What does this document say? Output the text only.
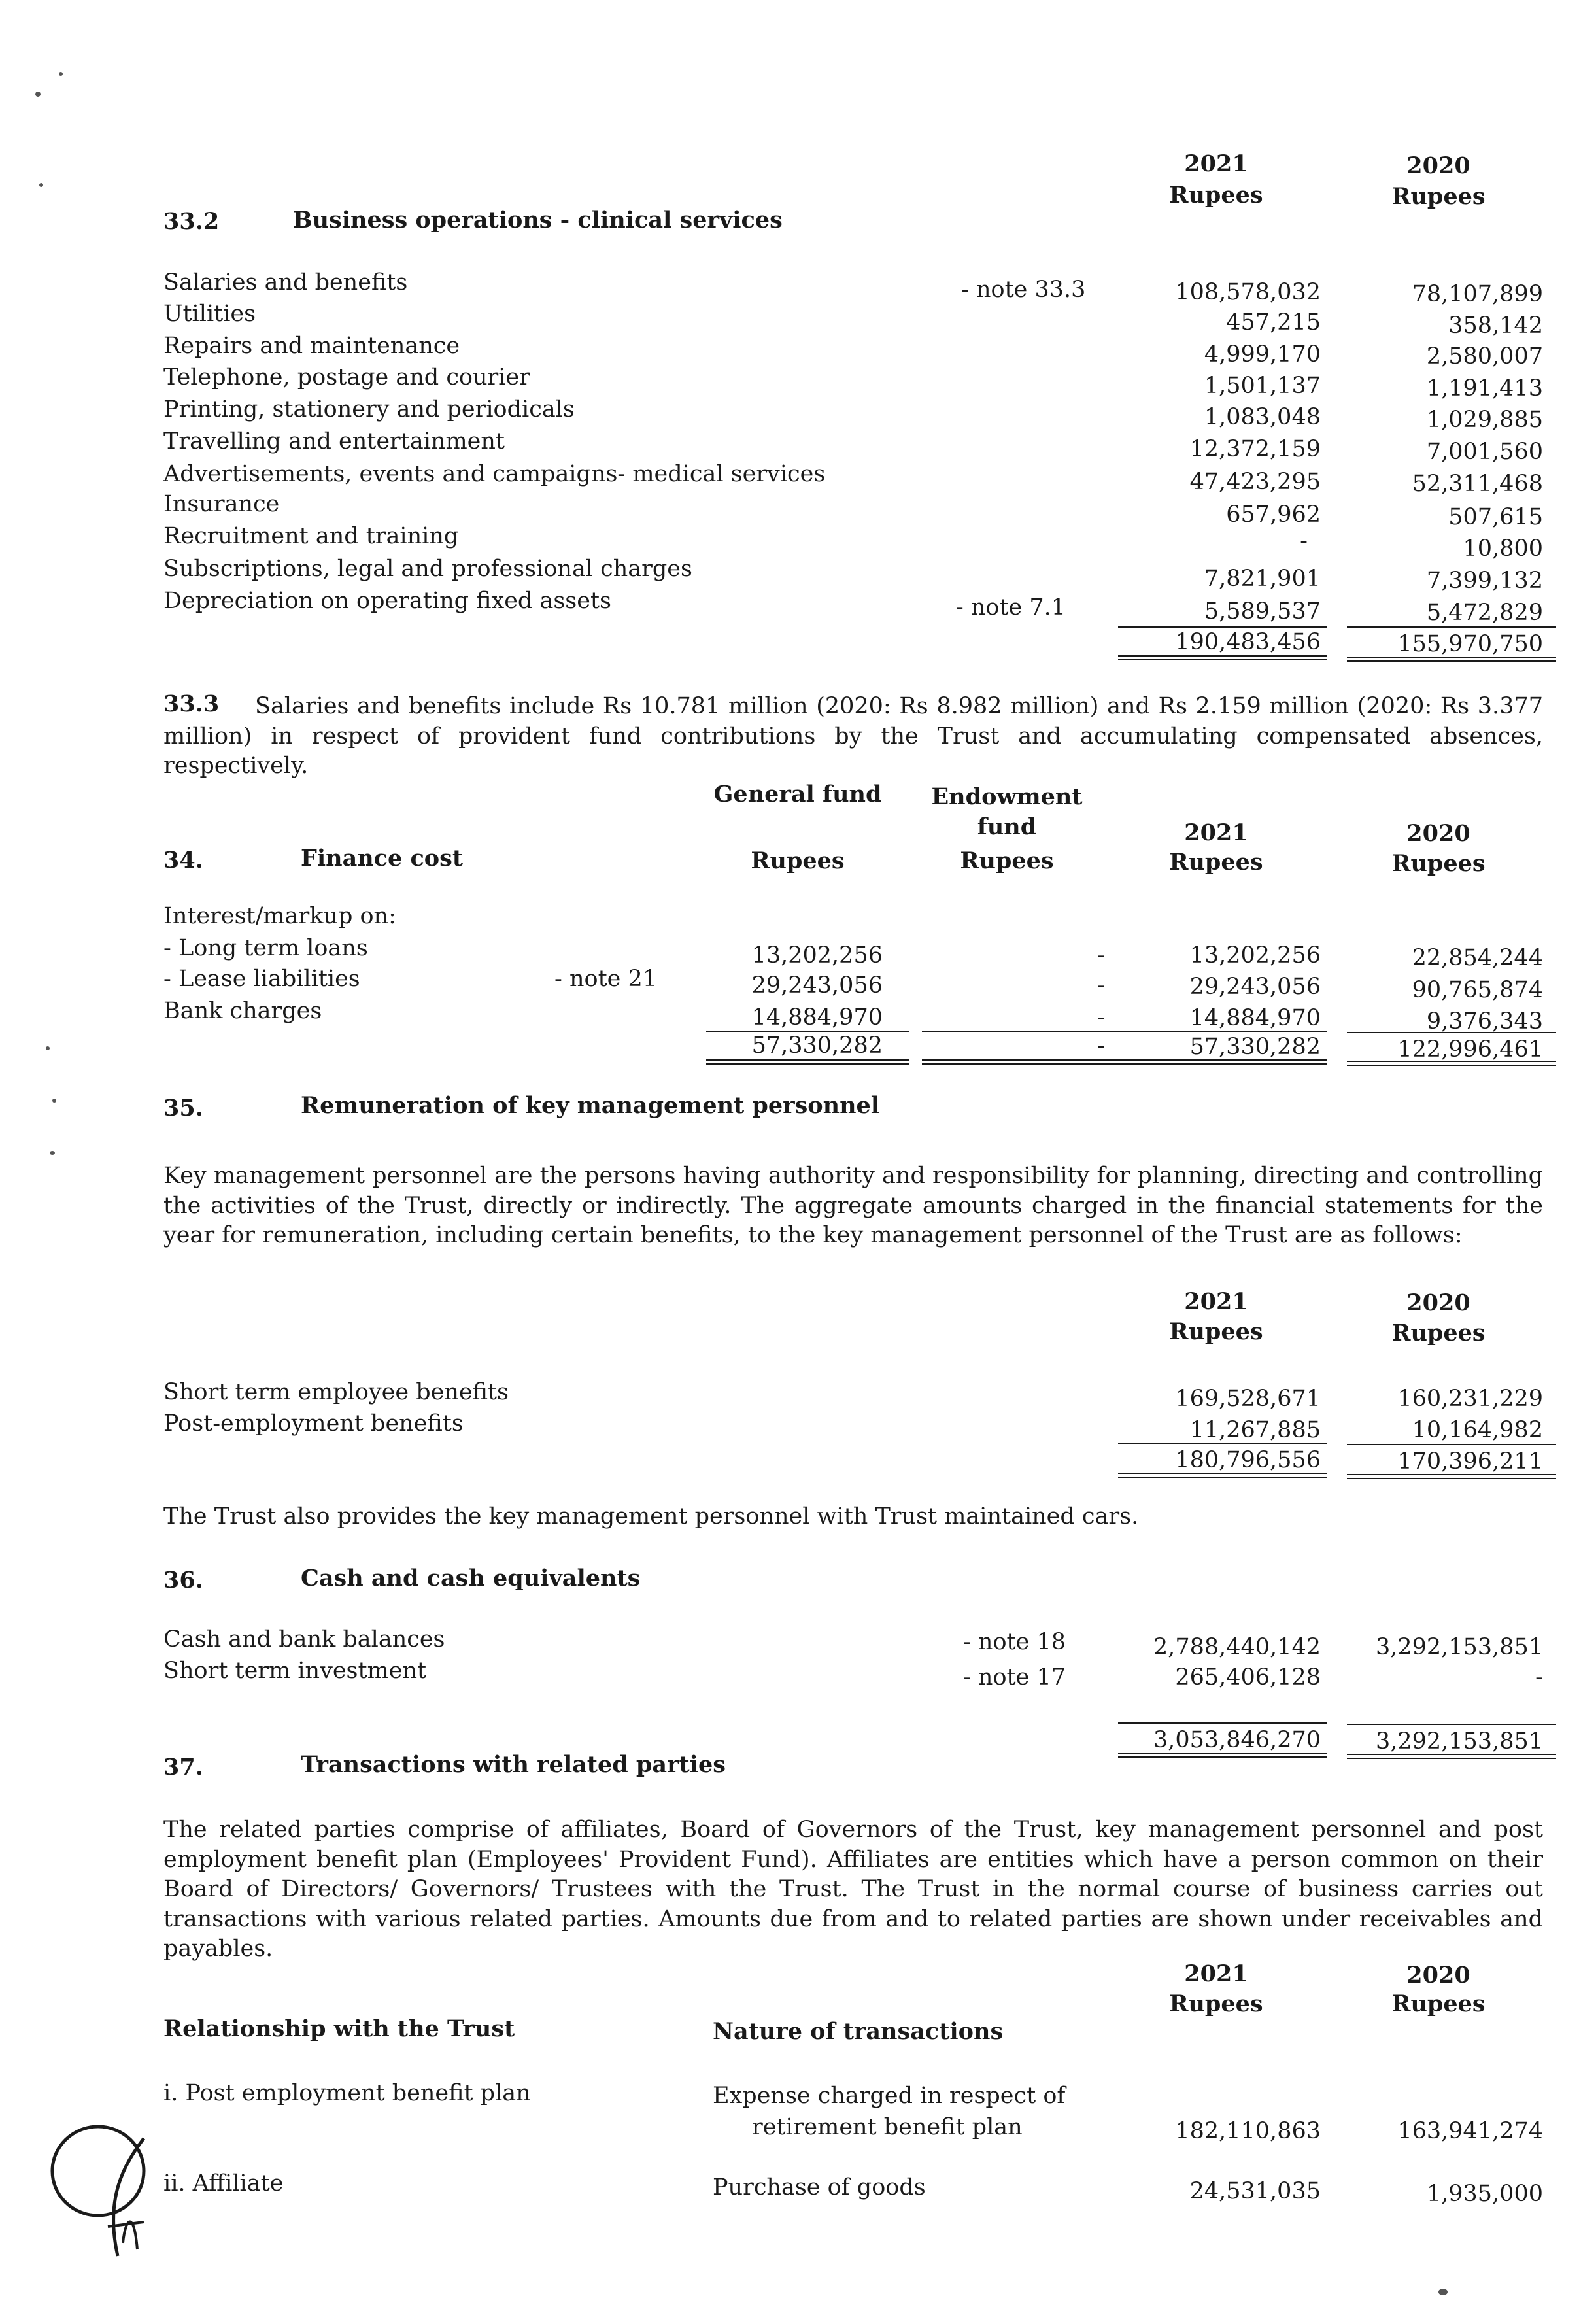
2021	2020
Rupees	Rupees
33.2	Business operations - clinical services
Salaries and benefits	- note 33.3	108,578,032	78,107,899
Utilities	457,215	358,142
Repairs and maintenance	4,999,170	2,580,007
Telephone, postage and courier	1,501,137	1,191,413
Printing, stationery and periodicals	1,083,048	1,029,885
Travelling and entertainment	12,372,159	7,001,560
Advertisements, events and campaigns- medical services	47,423,295	52,311,468
Insurance	657,962	507,615
Recruitment and training	-	10,800
Subscriptions, legal and professional charges	7,821,901	7,399,132
Depreciation on operating fixed assets	- note 7.1	5,589,537	5,472,829
190,483,456	155,970,750
33.3	Salaries and benefits include Rs 10.781 million (2020: Rs 8.982 million) and Rs 2.159 million (2020: Rs 3.377 million) in respect of provident fund contributions by the Trust and accumulating compensated absences, respectively.
General fund	Endowment fund	2021	2020
Rupees	Rupees	Rupees	Rupees
34.	Finance cost
Interest/markup on:
- Long term loans	13,202,256	-	13,202,256	22,854,244
- Lease liabilities	- note 21	29,243,056	-	29,243,056	90,765,874
Bank charges	14,884,970	-	14,884,970	9,376,343
57,330,282	-	57,330,282	122,996,461
35.	Remuneration of key management personnel
Key management personnel are the persons having authority and responsibility for planning, directing and controlling the activities of the Trust, directly or indirectly. The aggregate amounts charged in the financial statements for the year for remuneration, including certain benefits, to the key management personnel of the Trust are as follows:
2021	2020
Rupees	Rupees
Short term employee benefits	169,528,671	160,231,229
Post-employment benefits	11,267,885	10,164,982
180,796,556	170,396,211
The Trust also provides the key management personnel with Trust maintained cars.
36.	Cash and cash equivalents
Cash and bank balances	- note 18	2,788,440,142	3,292,153,851
Short term investment	- note 17	265,406,128	-
3,053,846,270	3,292,153,851
37.	Transactions with related parties
The related parties comprise of affiliates, Board of Governors of the Trust, key management personnel and post employment benefit plan (Employees' Provident Fund). Affiliates are entities which have a person common on their Board of Directors/ Governors/ Trustees with the Trust. The Trust in the normal course of business carries out transactions with various related parties. Amounts due from and to related parties are shown under receivables and payables.
2021	2020
Rupees	Rupees
Relationship with the Trust	Nature of transactions
i. Post employment benefit plan	Expense charged in respect of
retirement benefit plan	182,110,863	163,941,274
ii. Affiliate	Purchase of goods	24,531,035	1,935,000
